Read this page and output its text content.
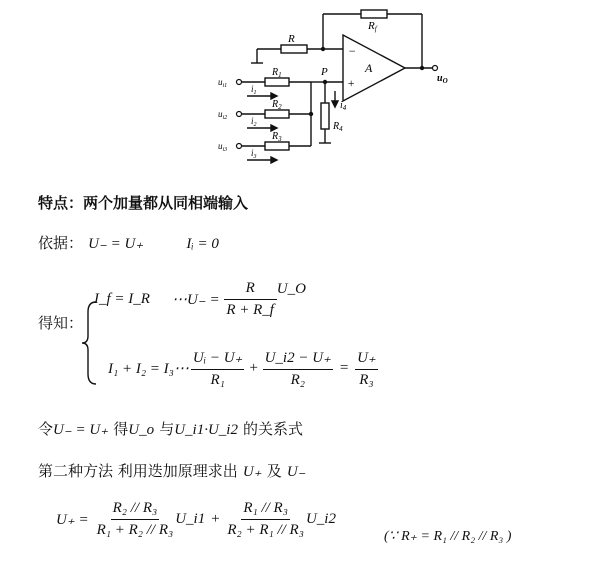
Rf
R
−
+
A
P
$R_1$
$R_2$
$R_3$
$R_4$
$i_4$
$u_{i1}$
$u_{i2}$
$u_{i3}$
$i_1$
$i_2$
$i_3$
$u_O$
特点：两个加量都从同相端输入
依据： U₋ = U₊	Iᵢ = 0
得知：
I_f = I_R ⋯U₋ = $\frac{R}{R + R\_f}$ U_O
I₁ + I₂ = I₃⋯ $\frac{\text{Uᵢ − U₊}}{\text{R₁}} + \frac{U\_i2 - U_+}{\text{R₂}} = \frac{U_+}{\text{R₃}}$
令U₋ = U₊ 得U_o 与U_i1·U_i2 的关系式
第二种方法 利用迭加原理求出 U₊ 及 U₋
$U_+ = \frac{\text{R₂ // R₃}}{\text{R₁ + R₂ // R₃}}$ U_i1 + $\frac{\text{R₁ // R₃}}{\text{R₂ + R₁ // R₃}}$ U_i2
(∵ R₊ = R₁ // R₂ // R₃ )
